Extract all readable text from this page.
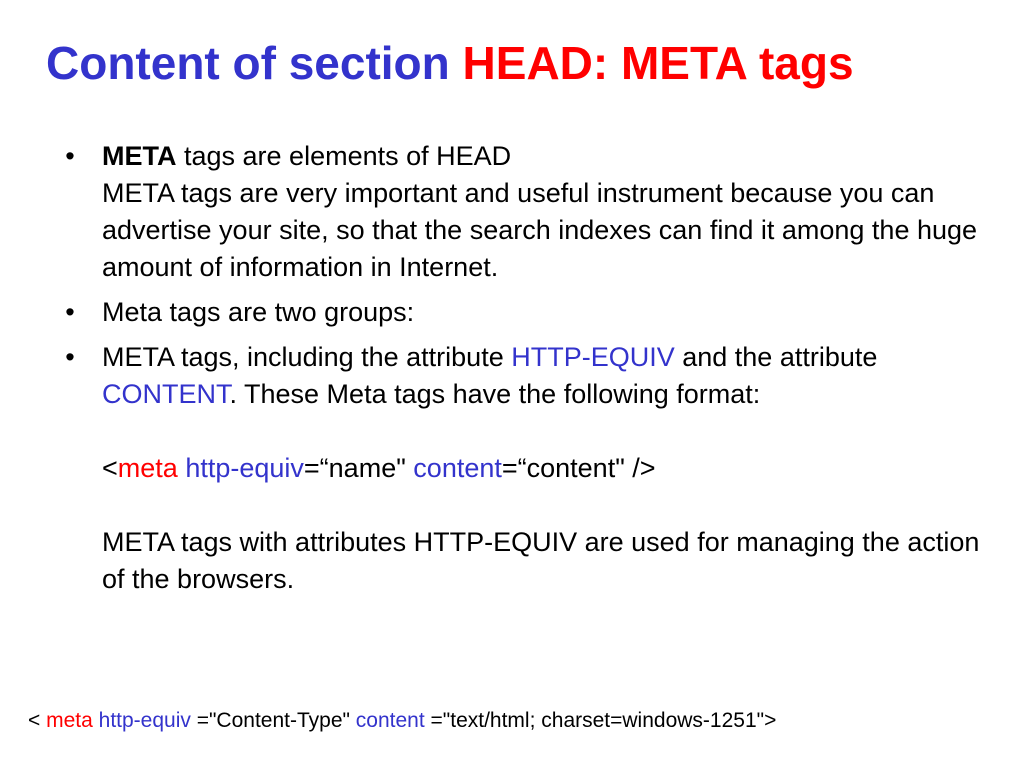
Content of section HEAD: META tags
• META tags are elements of HEAD
META tags are very important and useful instrument because you can advertise your site, so that the search indexes can find it among the huge amount of information in Internet.
• Meta tags are two groups:
• META tags, including the attribute HTTP-EQUIV and the attribute CONTENT. These Meta tags have the following format:
<meta http-equiv=“name" content=“content" />
META tags with attributes HTTP-EQUIV are used for managing the action of the browsers.
< meta http-equiv ="Content-Type" content ="text/html; charset=windows-1251">
